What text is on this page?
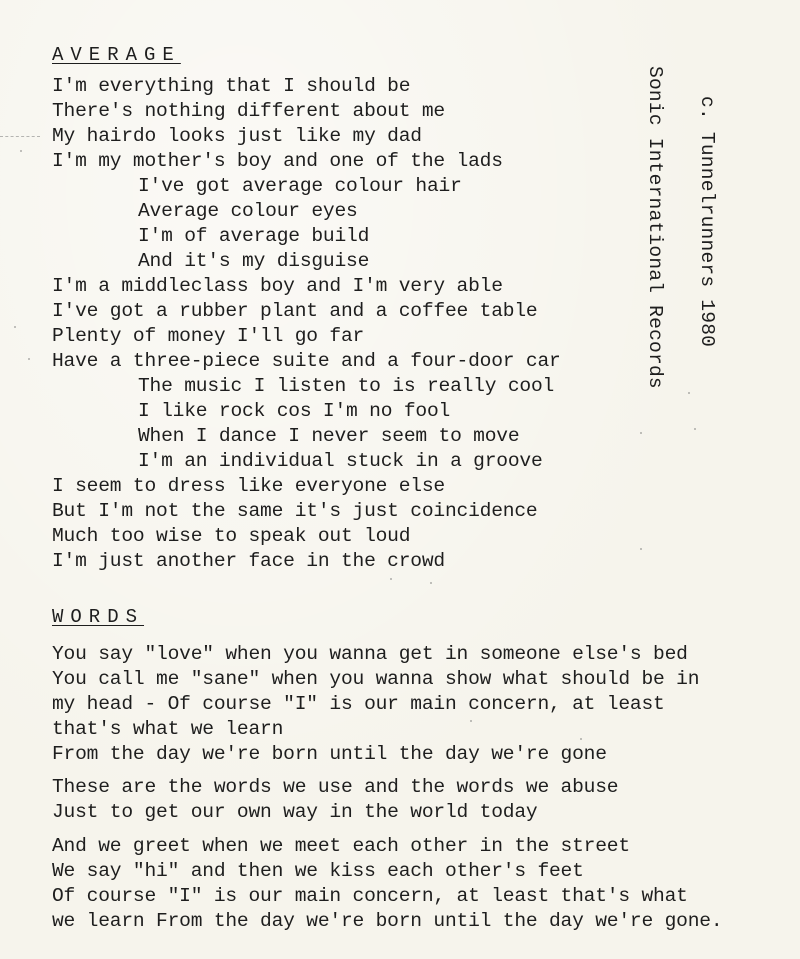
AVERAGE
I'm everything that I should be
There's nothing different about me
My hairdo looks just like my dad
I'm my mother's boy and one of the lads
I've got average colour hair
Average colour eyes
I'm of average build
And it's my disguise
I'm a middleclass boy and I'm very able
I've got a rubber plant and a coffee table
Plenty of money I'll go far
Have a three-piece suite and a four-door car
The music I listen to is really cool
I like rock cos I'm no fool
When I dance I never seem to move
I'm an individual stuck in a groove
I seem to dress like everyone else
But I'm not the same it's just coincidence
Much too wise to speak out loud
I'm just another face in the crowd
Sonic International Records c. Tunnelrunners 1980
WORDS
You say "love" when you wanna get in someone else's bed
You call me "sane" when you wanna show what should be in
my head - Of course "I" is our main concern, at least
that's what we learn
From the day we're born until the day we're gone
These are the words we use and the words we abuse
Just to get our own way in the world today
And we greet when we meet each other in the street
We say "hi" and then we kiss each other's feet
Of course "I" is our main concern, at least that's what
we learn From the day we're born until the day we're gone.
